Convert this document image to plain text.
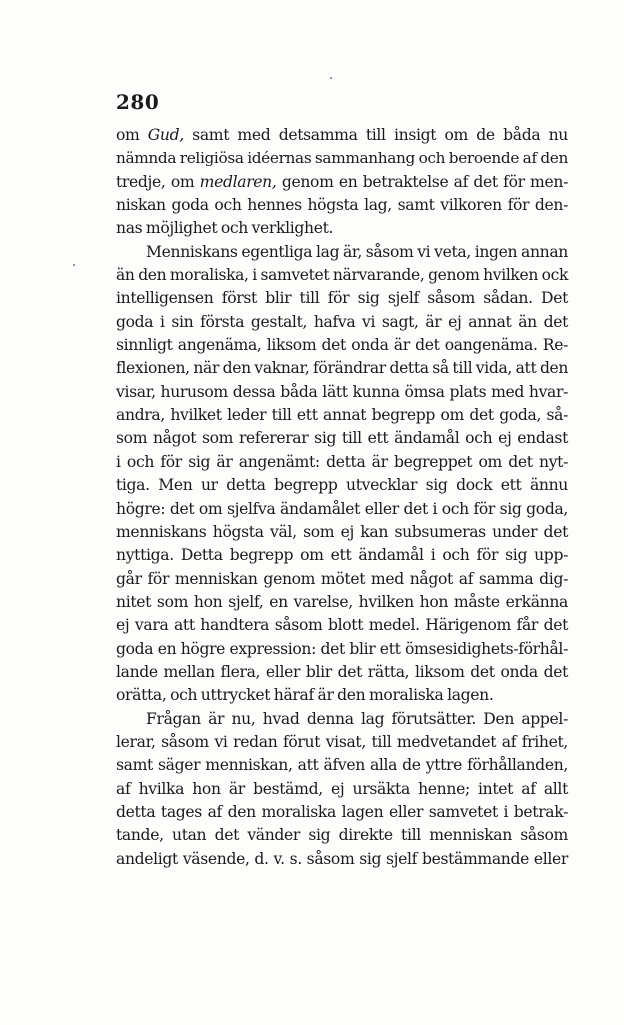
280
om Gud, samt med detsamma till insigt om de båda nu
nämnda religiösa idéernas sammanhang och beroende af den
tredje, om medlaren, genom en betraktelse af det för men-
niskan goda och hennes högsta lag, samt vilkoren för den-
nas möjlighet och verklighet.
Menniskans egentliga lag är, såsom vi veta, ingen annan
än den moraliska, i samvetet närvarande, genom hvilken ock
intelligensen först blir till för sig sjelf såsom sådan. Det
goda i sin första gestalt, hafva vi sagt, är ej annat än det
sinnligt angenäma, liksom det onda är det oangenäma. Re-
flexionen, när den vaknar, förändrar detta så till vida, att den
visar, hurusom dessa båda lätt kunna ömsa plats med hvar-
andra, hvilket leder till ett annat begrepp om det goda, så-
som något som refererar sig till ett ändamål och ej endast
i och för sig är angenämt: detta är begreppet om det nyt-
tiga. Men ur detta begrepp utvecklar sig dock ett ännu
högre: det om sjelfva ändamålet eller det i och för sig goda,
menniskans högsta väl, som ej kan subsumeras under det
nyttiga. Detta begrepp om ett ändamål i och för sig upp-
går för menniskan genom mötet med något af samma dig-
nitet som hon sjelf, en varelse, hvilken hon måste erkänna
ej vara att handtera såsom blott medel. Härigenom får det
goda en högre expression: det blir ett ömsesidighets-förhål-
lande mellan flera, eller blir det rätta, liksom det onda det
orätta, och uttrycket häraf är den moraliska lagen.
Frågan är nu, hvad denna lag förutsätter. Den appel-
lerar, såsom vi redan förut visat, till medvetandet af frihet,
samt säger menniskan, att äfven alla de yttre förhållanden,
af hvilka hon är bestämd, ej ursäkta henne; intet af allt
detta tages af den moraliska lagen eller samvetet i betrak-
tande, utan det vänder sig direkte till menniskan såsom
andeligt väsende, d. v. s. såsom sig sjelf bestämmande eller
